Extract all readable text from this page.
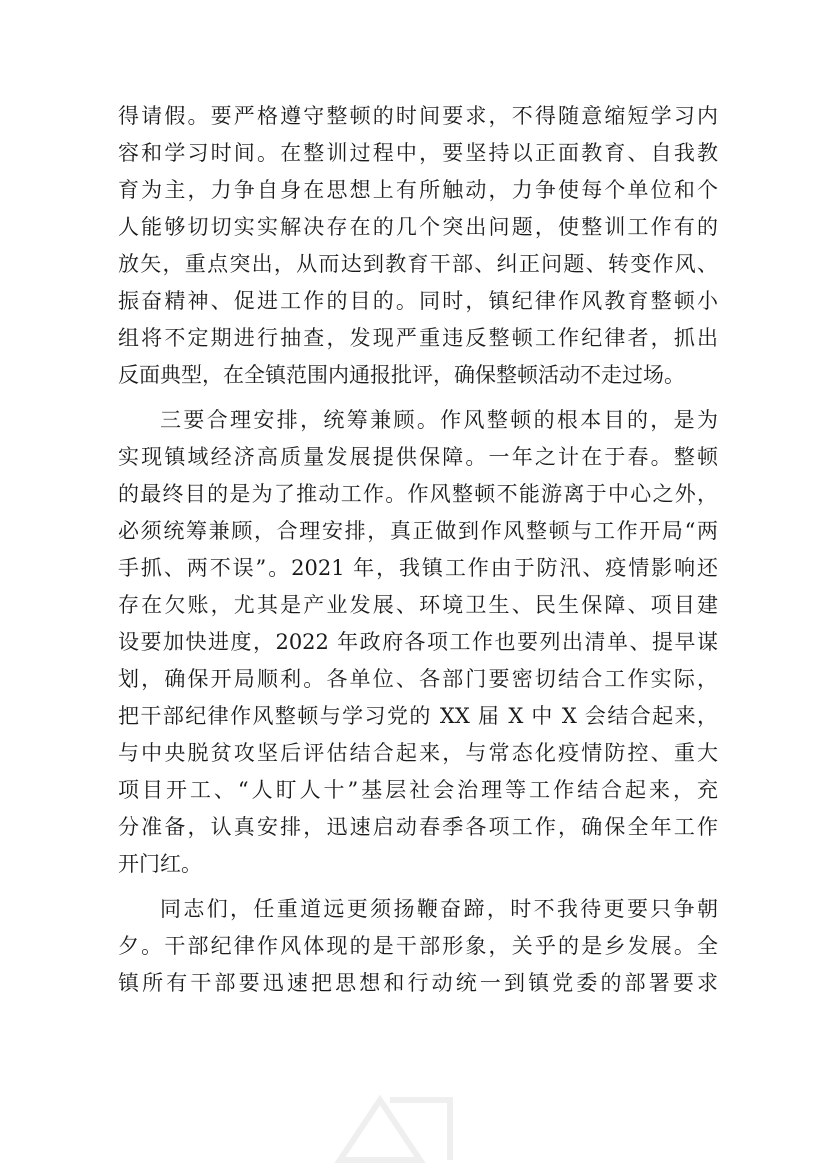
得请假。要严格遵守整顿的时间要求，不得随意缩短学习内
容和学习时间。在整训过程中，要坚持以正面教育、自我教
育为主，力争自身在思想上有所触动，力争使每个单位和个
人能够切切实实解决存在的几个突出问题，使整训工作有的
放矢，重点突出，从而达到教育干部、纠正问题、转变作风、
振奋精神、促进工作的目的。同时，镇纪律作风教育整顿小
组将不定期进行抽查，发现严重违反整顿工作纪律者，抓出
反面典型，在全镇范围内通报批评，确保整顿活动不走过场。
三要合理安排，统筹兼顾。作风整顿的根本目的，是为
实现镇域经济高质量发展提供保障。一年之计在于春。整顿
的最终目的是为了推动工作。作风整顿不能游离于中心之外，
必须统筹兼顾，合理安排，真正做到作风整顿与工作开局“两
手抓、两不误”。2021 年，我镇工作由于防汛、疫情影响还
存在欠账，尤其是产业发展、环境卫生、民生保障、项目建
设要加快进度，2022 年政府各项工作也要列出清单、提早谋
划，确保开局顺利。各单位、各部门要密切结合工作实际，
把干部纪律作风整顿与学习党的 XX 届 X 中 X 会结合起来，
与中央脱贫攻坚后评估结合起来，与常态化疫情防控、重大
项目开工、“人盯人十”基层社会治理等工作结合起来，充
分准备，认真安排，迅速启动春季各项工作，确保全年工作
开门红。
同志们，任重道远更须扬鞭奋蹄，时不我待更要只争朝
夕。干部纪律作风体现的是干部形象，关乎的是乡发展。全
镇所有干部要迅速把思想和行动统一到镇党委的部署要求
